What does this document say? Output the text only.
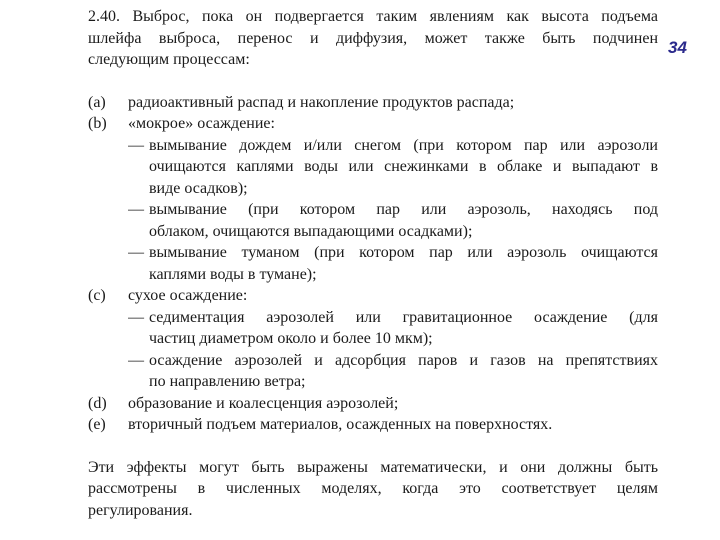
34
2.40. Выброс, пока он подвергается таким явлениям как высота подъема
шлейфа выброса, перенос и диффузия, может также быть подчинен
следующим процессам:
(a)	радиоактивный распад и накопление продуктов распада;
(b)	«мокрое» осаждение:
— вымывание дождем и/или снегом (при котором пар или аэрозоли
очищаются каплями воды или снежинками в облаке и выпадают в
виде осадков);
— вымывание (при котором пар или аэрозоль, находясь под
облаком, очищаются выпадающими осадками);
— вымывание туманом (при котором пар или аэрозоль очищаются
каплями воды в тумане);
(c)	сухое осаждение:
— седиментация аэрозолей или гравитационное осаждение (для
частиц диаметром около и более 10 мкм);
— осаждение аэрозолей и адсорбция паров и газов на препятствиях
по направлению ветра;
(d)	образование и коалесценция аэрозолей;
(e)	вторичный подъем материалов, осажденных на поверхностях.
Эти эффекты могут быть выражены математически, и они должны быть
рассмотрены в численных моделях, когда это соответствует целям
регулирования.
